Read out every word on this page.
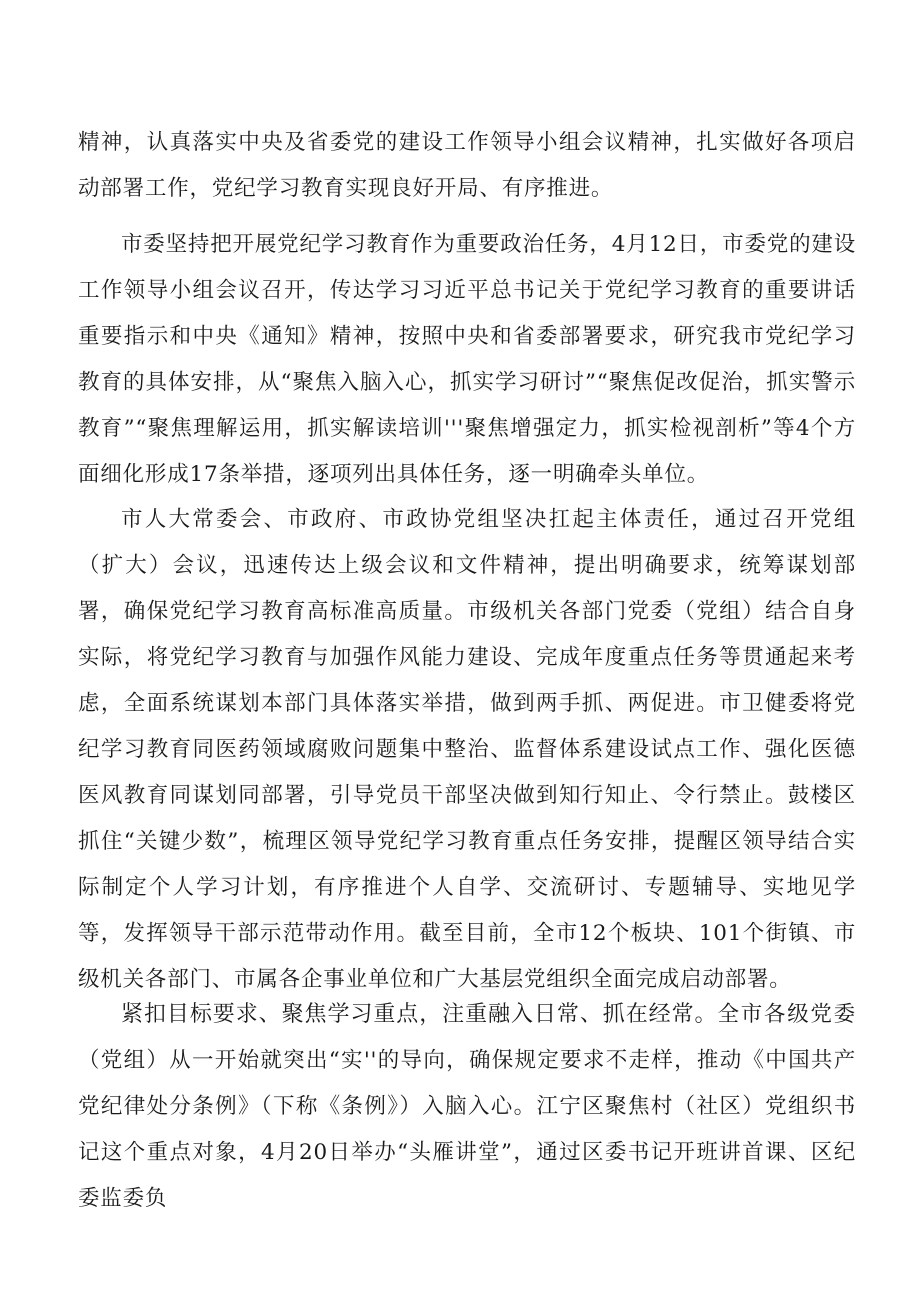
精神，认真落实中央及省委党的建设工作领导小组会议精神，扎实做好各项启动部署工作，党纪学习教育实现良好开局、有序推进。

市委坚持把开展党纪学习教育作为重要政治任务，4月12日，市委党的建设工作领导小组会议召开，传达学习习近平总书记关于党纪学习教育的重要讲话重要指示和中央《通知》精神，按照中央和省委部署要求，研究我市党纪学习教育的具体安排，从“聚焦入脑入心，抓实学习研讨”“聚焦促改促治，抓实警示教育”“聚焦理解运用，抓实解读培训'''聚焦增强定力，抓实检视剖析”等4个方面细化形成17条举措，逐项列出具体任务，逐一明确牵头单位。

市人大常委会、市政府、市政协党组坚决扛起主体责任，通过召开党组（扩大）会议，迅速传达上级会议和文件精神，提出明确要求，统筹谋划部署，确保党纪学习教育高标准高质量。市级机关各部门党委（党组）结合自身实际，将党纪学习教育与加强作风能力建设、完成年度重点任务等贯通起来考虑，全面系统谋划本部门具体落实举措，做到两手抓、两促进。市卫健委将党纪学习教育同医药领域腐败问题集中整治、监督体系建设试点工作、强化医德医风教育同谋划同部署，引导党员干部坚决做到知行知止、令行禁止。鼓楼区抓住“关键少数”，梳理区领导党纪学习教育重点任务安排，提醒区领导结合实际制定个人学习计划，有序推进个人自学、交流研讨、专题辅导、实地见学等，发挥领导干部示范带动作用。截至目前，全市12个板块、101个街镇、市级机关各部门、市属各企事业单位和广大基层党组织全面完成启动部署。

紧扣目标要求、聚焦学习重点，注重融入日常、抓在经常。全市各级党委（党组）从一开始就突出“实''的导向，确保规定要求不走样，推动《中国共产党纪律处分条例》（下称《条例》）入脑入心。江宁区聚焦村（社区）党组织书记这个重点对象，4月20日举办“头雁讲堂”，通过区委书记开班讲首课、区纪委监委负
